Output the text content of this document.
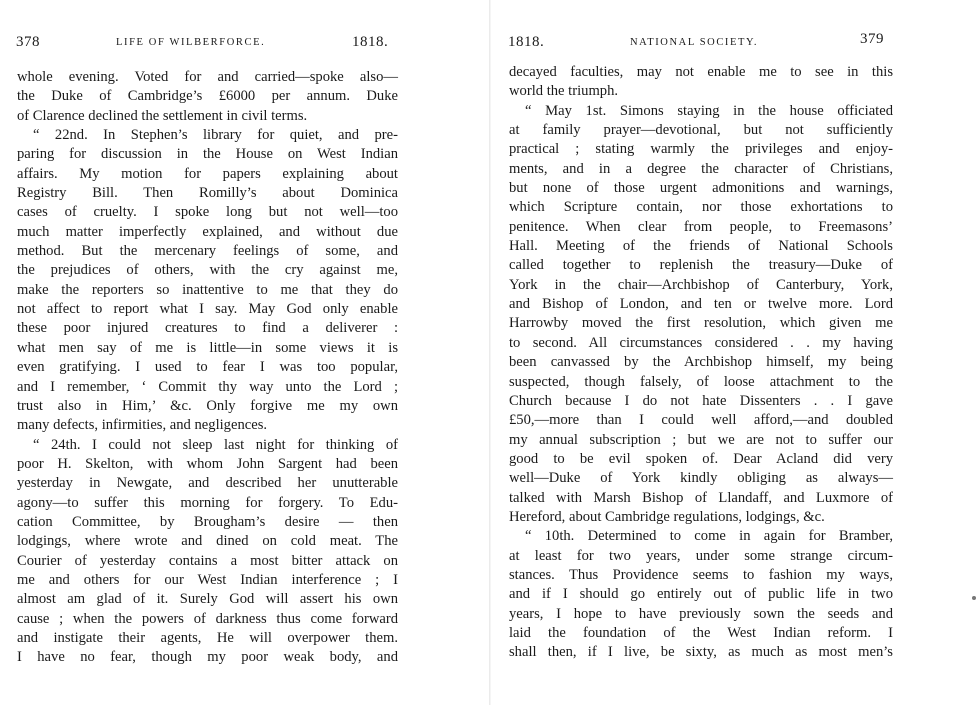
378	LIFE OF WILBERFORCE.	1818.
whole evening. Voted for and carried—spoke also—
the Duke of Cambridge’s £6000 per annum. Duke
of Clarence declined the settlement in civil terms.
“ 22nd. In Stephen’s library for quiet, and pre-
paring for discussion in the House on West Indian
affairs. My motion for papers explaining about
Registry Bill. Then Romilly’s about Dominica
cases of cruelty. I spoke long but not well—too
much matter imperfectly explained, and without due
method. But the mercenary feelings of some, and
the prejudices of others, with the cry against me,
make the reporters so inattentive to me that they do
not affect to report what I say. May God only enable
these poor injured creatures to find a deliverer :
what men say of me is little—in some views it is
even gratifying. I used to fear I was too popular,
and I remember, ‘ Commit thy way unto the Lord ;
trust also in Him,’ &c. Only forgive me my own
many defects, infirmities, and negligences.
“ 24th. I could not sleep last night for thinking of
poor H. Skelton, with whom John Sargent had been
yesterday in Newgate, and described her unutterable
agony—to suffer this morning for forgery. To Edu-
cation Committee, by Brougham’s desire — then
lodgings, where wrote and dined on cold meat. The
Courier of yesterday contains a most bitter attack on
me and others for our West Indian interference ; I
almost am glad of it. Surely God will assert his own
cause ; when the powers of darkness thus come forward
and instigate their agents, He will overpower them.
I have no fear, though my poor weak body, and
1818.	NATIONAL SOCIETY.	379
decayed faculties, may not enable me to see in this
world the triumph.
“ May 1st. Simons staying in the house officiated
at family prayer—devotional, but not sufficiently
practical ; stating warmly the privileges and enjoy-
ments, and in a degree the character of Christians,
but none of those urgent admonitions and warnings,
which Scripture contain, nor those exhortations to
penitence. When clear from people, to Freemasons’
Hall. Meeting of the friends of National Schools
called together to replenish the treasury—Duke of
York in the chair—Archbishop of Canterbury, York,
and Bishop of London, and ten or twelve more. Lord
Harrowby moved the first resolution, which given me
to second. All circumstances considered . . my having
been canvassed by the Archbishop himself, my being
suspected, though falsely, of loose attachment to the
Church because I do not hate Dissenters . . I gave
£50,—more than I could well afford,—and doubled
my annual subscription ; but we are not to suffer our
good to be evil spoken of. Dear Acland did very
well—Duke of York kindly obliging as always—
talked with Marsh Bishop of Llandaff, and Luxmore of
Hereford, about Cambridge regulations, lodgings, &c.
“ 10th. Determined to come in again for Bramber,
at least for two years, under some strange circum-
stances. Thus Providence seems to fashion my ways,
and if I should go entirely out of public life in two
years, I hope to have previously sown the seeds and
laid the foundation of the West Indian reform. I
shall then, if I live, be sixty, as much as most men’s
